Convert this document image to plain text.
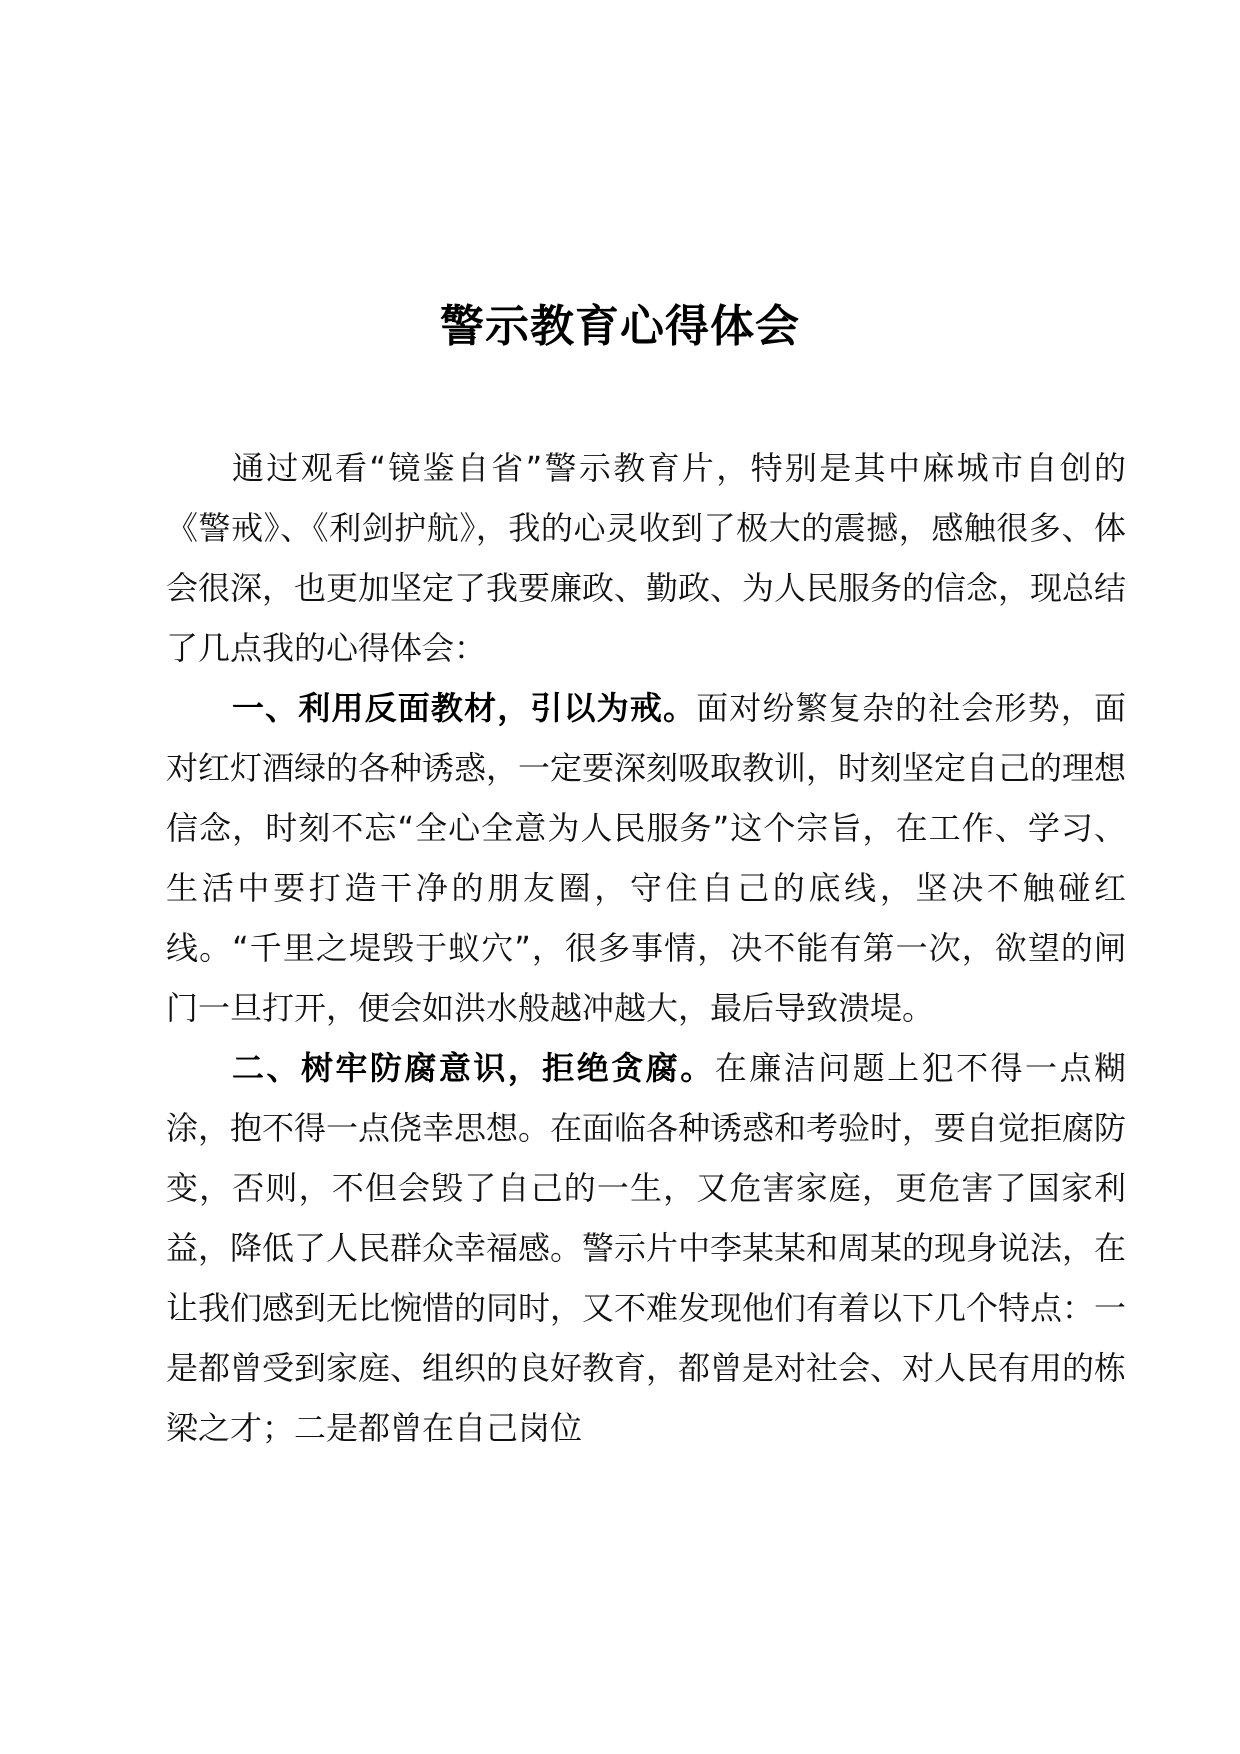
警示教育心得体会

通过观看“镜鉴自省”警示教育片，特别是其中麻城市自创的《警戒》、《利剑护航》，我的心灵收到了极大的震撼，感触很多、体会很深，也更加坚定了我要廉政、勤政、为人民服务的信念，现总结了几点我的心得体会：

一、利用反面教材，引以为戒。面对纷繁复杂的社会形势，面对红灯酒绿的各种诱惑，一定要深刻吸取教训，时刻坚定自己的理想信念，时刻不忘“全心全意为人民服务”这个宗旨，在工作、学习、生活中要打造干净的朋友圈，守住自己的底线，坚决不触碰红线。“千里之堤毁于蚁穴”，很多事情，决不能有第一次，欲望的闸门一旦打开，便会如洪水般越冲越大，最后导致溃堤。

二、树牢防腐意识，拒绝贪腐。在廉洁问题上犯不得一点糊涂，抱不得一点侥幸思想。在面临各种诱惑和考验时，要自觉拒腐防变，否则，不但会毁了自己的一生，又危害家庭，更危害了国家利益，降低了人民群众幸福感。警示片中李某某和周某的现身说法，在让我们感到无比惋惜的同时，又不难发现他们有着以下几个特点：一是都曾受到家庭、组织的良好教育，都曾是对社会、对人民有用的栋梁之才；二是都曾在自己岗位
